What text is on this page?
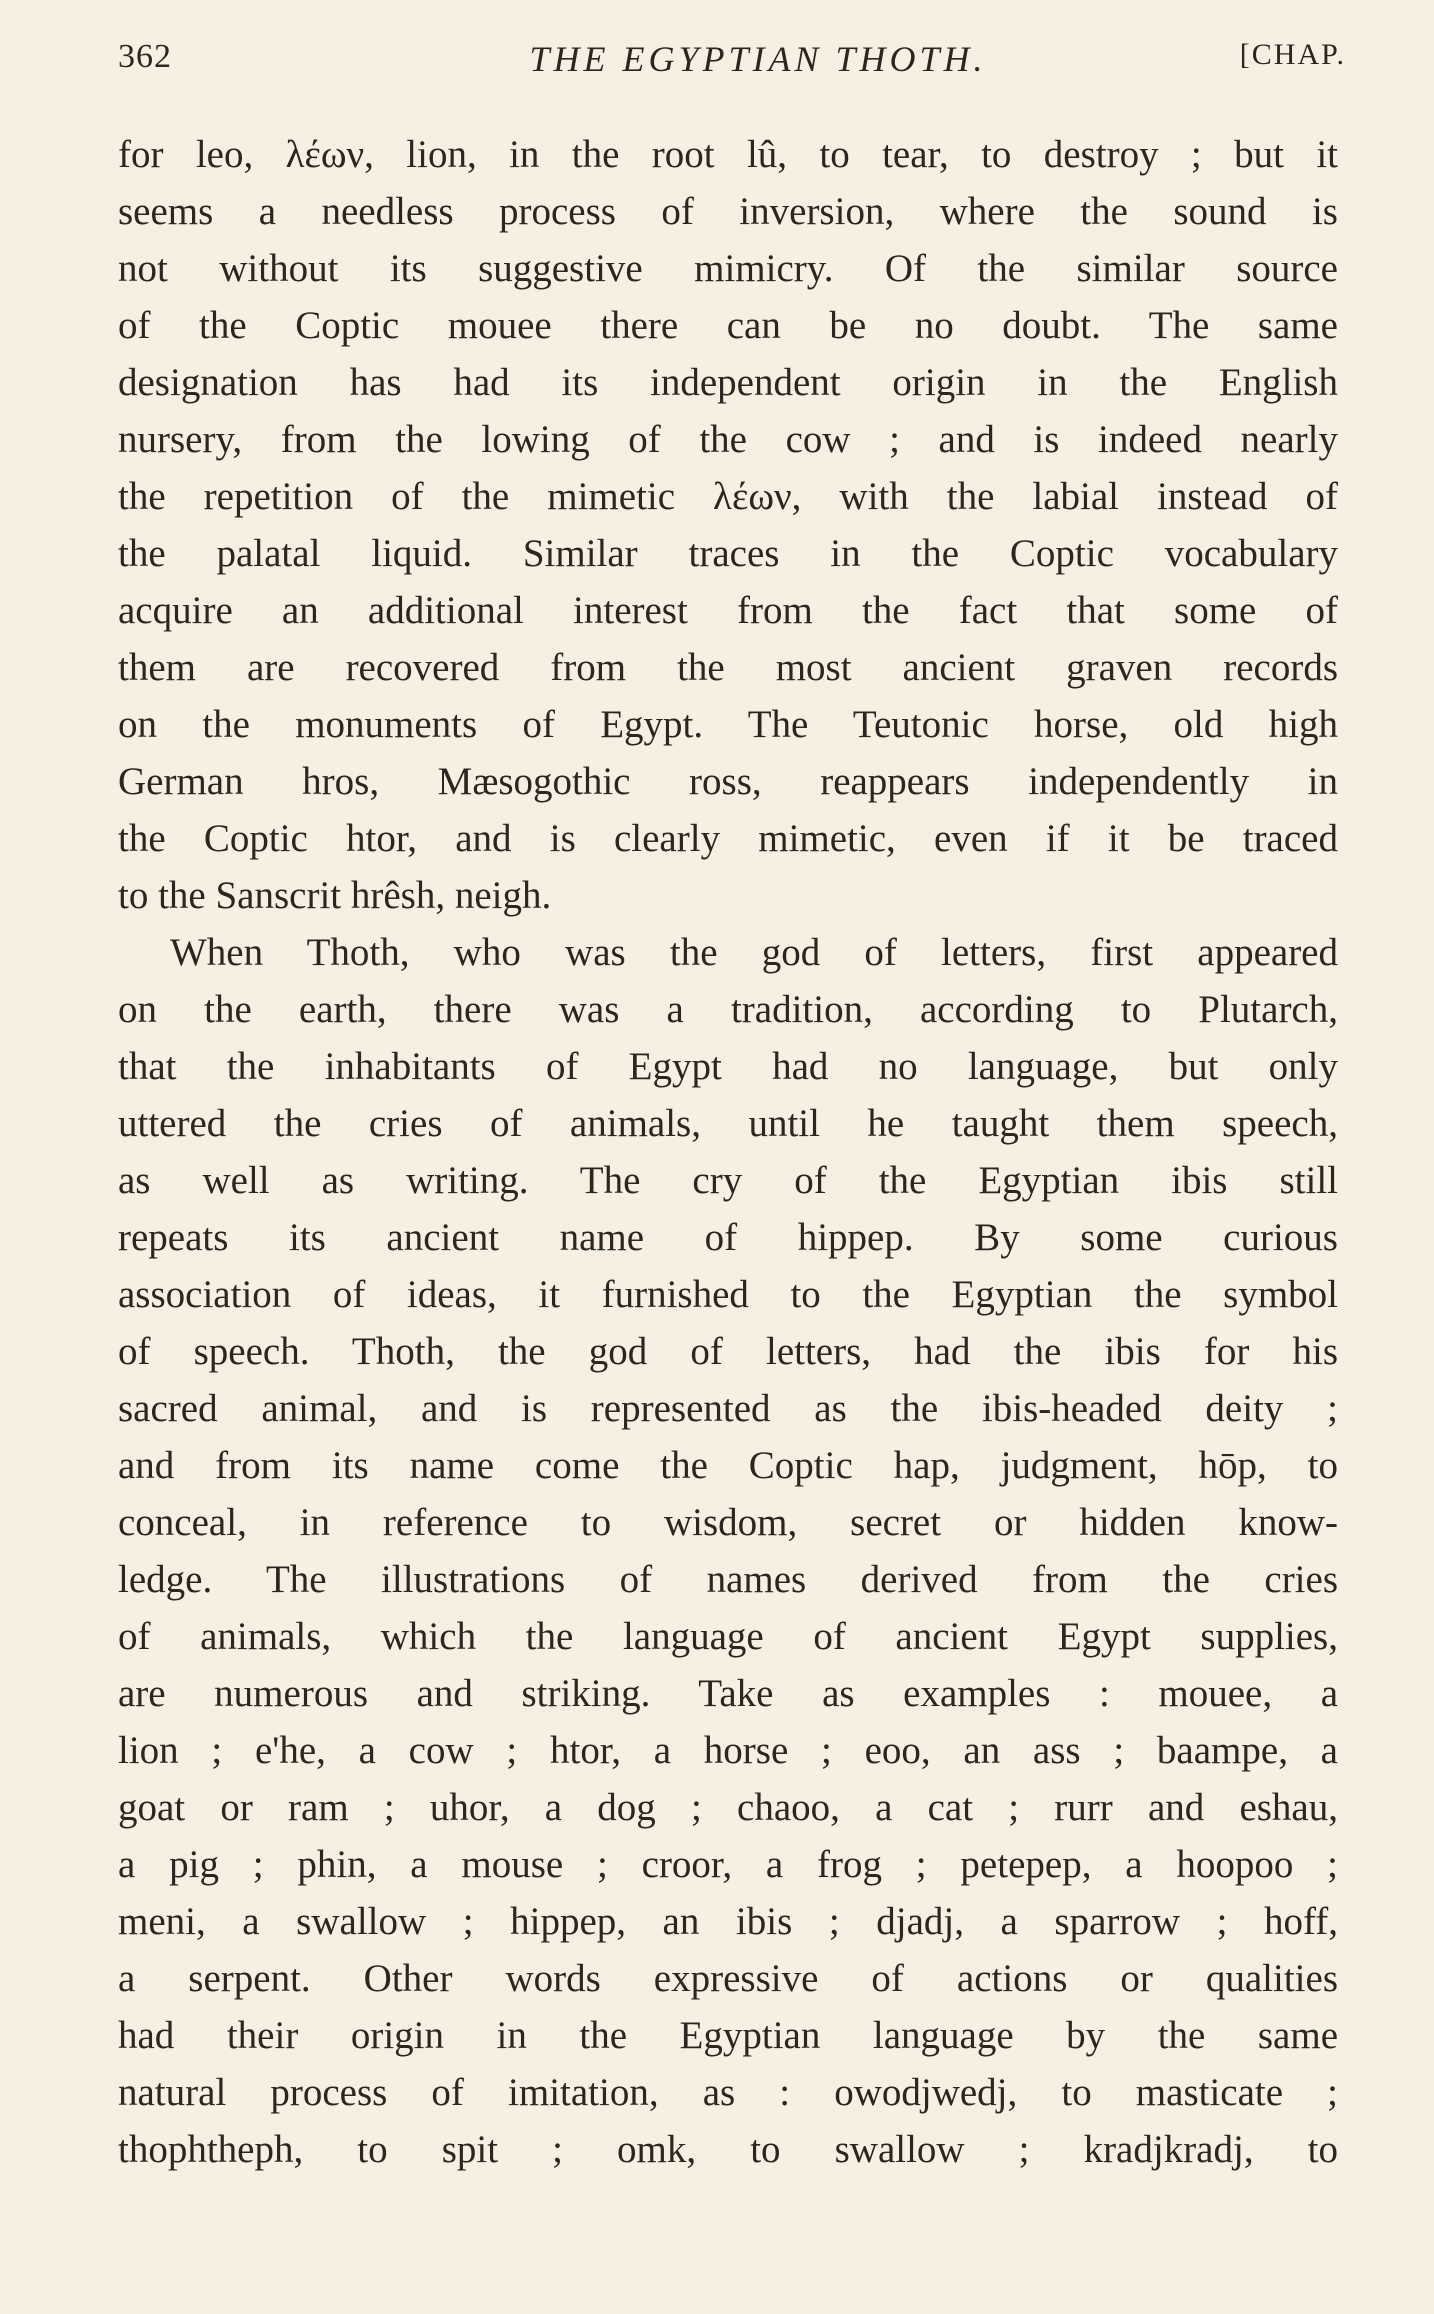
362	THE EGYPTIAN THOTH.	[CHAP.
for leo, λέων, lion, in the root lû, to tear, to destroy ; but it
seems a needless process of inversion, where the sound is
not without its suggestive mimicry. Of the similar source
of the Coptic mouee there can be no doubt. The same
designation has had its independent origin in the English
nursery, from the lowing of the cow ; and is indeed nearly
the repetition of the mimetic λέων, with the labial instead of
the palatal liquid. Similar traces in the Coptic vocabulary
acquire an additional interest from the fact that some of
them are recovered from the most ancient graven records
on the monuments of Egypt. The Teutonic horse, old high
German hros, Mæsogothic ross, reappears independently in
the Coptic htor, and is clearly mimetic, even if it be traced
to the Sanscrit hrêsh, neigh.
When Thoth, who was the god of letters, first appeared
on the earth, there was a tradition, according to Plutarch,
that the inhabitants of Egypt had no language, but only
uttered the cries of animals, until he taught them speech,
as well as writing. The cry of the Egyptian ibis still
repeats its ancient name of hippep. By some curious
association of ideas, it furnished to the Egyptian the symbol
of speech. Thoth, the god of letters, had the ibis for his
sacred animal, and is represented as the ibis-headed deity ;
and from its name come the Coptic hap, judgment, hōp, to
conceal, in reference to wisdom, secret or hidden know-
ledge. The illustrations of names derived from the cries
of animals, which the language of ancient Egypt supplies,
are numerous and striking. Take as examples : mouee, a
lion ; e'he, a cow ; htor, a horse ; eoo, an ass ; baampe, a
goat or ram ; uhor, a dog ; chaoo, a cat ; rurr and eshau,
a pig ; phin, a mouse ; croor, a frog ; petepep, a hoopoo ;
meni, a swallow ; hippep, an ibis ; djadj, a sparrow ; hoff,
a serpent. Other words expressive of actions or qualities
had their origin in the Egyptian language by the same
natural process of imitation, as : owodjwedj, to masticate ;
thophtheph, to spit ; omk, to swallow ; kradjkradj, to
